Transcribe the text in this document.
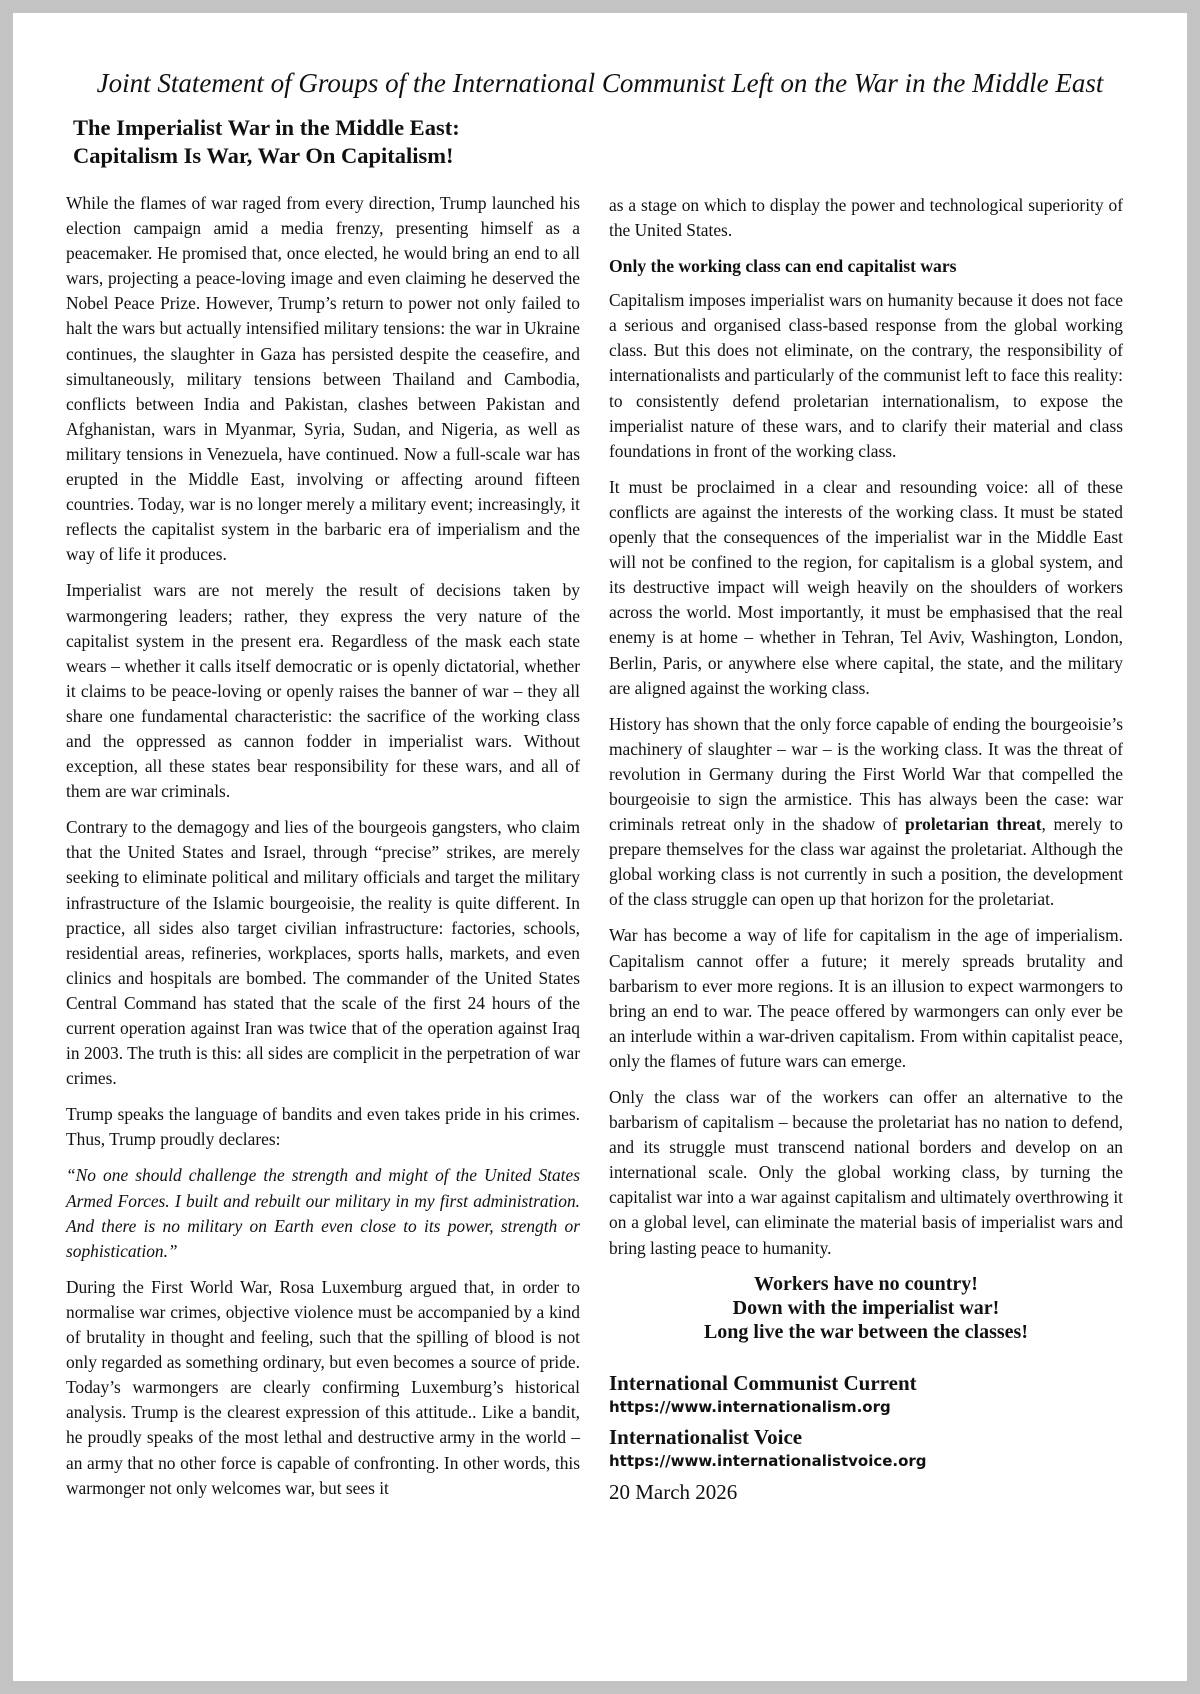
Joint Statement of Groups of the International Communist Left on the War in the Middle East
The Imperialist War in the Middle East:
Capitalism Is War, War On Capitalism!

While the flames of war raged from every direction, Trump launched his election campaign amid a media frenzy, presenting himself as a peacemaker. He promised that, once elected, he would bring an end to all wars, projecting a peace-loving image and even claiming he deserved the Nobel Peace Prize. However, Trump’s return to power not only failed to halt the wars but actually intensified military tensions: the war in Ukraine continues, the slaughter in Gaza has persisted despite the ceasefire, and simultaneously, military tensions between Thailand and Cambodia, conflicts between India and Pakistan, clashes between Pakistan and Afghanistan, wars in Myanmar, Syria, Sudan, and Nigeria, as well as military tensions in Venezuela, have continued. Now a full-scale war has erupted in the Middle East, involving or affecting around fifteen countries. Today, war is no longer merely a military event; increasingly, it reflects the capitalist system in the barbaric era of imperialism and the way of life it produces.

Imperialist wars are not merely the result of decisions taken by warmongering leaders; rather, they express the very nature of the capitalist system in the present era. Regardless of the mask each state wears – whether it calls itself democratic or is openly dictatorial, whether it claims to be peace-loving or openly raises the banner of war – they all share one fundamental characteristic: the sacrifice of the working class and the oppressed as cannon fodder in imperialist wars. Without exception, all these states bear responsibility for these wars, and all of them are war criminals.

Contrary to the demagogy and lies of the bourgeois gangsters, who claim that the United States and Israel, through “precise” strikes, are merely seeking to eliminate political and military officials and target the military infrastructure of the Islamic bourgeoisie, the reality is quite different. In practice, all sides also target civilian infrastructure: factories, schools, residential areas, refineries, workplaces, sports halls, markets, and even clinics and hospitals are bombed. The commander of the United States Central Command has stated that the scale of the first 24 hours of the current operation against Iran was twice that of the operation against Iraq in 2003. The truth is this: all sides are complicit in the perpetration of war crimes.

Trump speaks the language of bandits and even takes pride in his crimes. Thus, Trump proudly declares:

“No one should challenge the strength and might of the United States Armed Forces. I built and rebuilt our military in my first administration. And there is no military on Earth even close to its power, strength or sophistication.”

During the First World War, Rosa Luxemburg argued that, in order to normalise war crimes, objective violence must be accompanied by a kind of brutality in thought and feeling, such that the spilling of blood is not only regarded as something ordinary, but even becomes a source of pride. Today’s warmongers are clearly confirming Luxemburg’s historical analysis. Trump is the clearest expression of this attitude.. Like a bandit, he proudly speaks of the most lethal and destructive army in the world – an army that no other force is capable of confronting. In other words, this warmonger not only welcomes war, but sees it

as a stage on which to display the power and technological superiority of the United States.

Only the working class can end capitalist wars

Capitalism imposes imperialist wars on humanity because it does not face a serious and organised class-based response from the global working class. But this does not eliminate, on the contrary, the responsibility of internationalists and particularly of the communist left to face this reality: to consistently defend proletarian internationalism, to expose the imperialist nature of these wars, and to clarify their material and class foundations in front of the working class.

It must be proclaimed in a clear and resounding voice: all of these conflicts are against the interests of the working class. It must be stated openly that the consequences of the imperialist war in the Middle East will not be confined to the region, for capitalism is a global system, and its destructive impact will weigh heavily on the shoulders of workers across the world. Most importantly, it must be emphasised that the real enemy is at home – whether in Tehran, Tel Aviv, Washington, London, Berlin, Paris, or anywhere else where capital, the state, and the military are aligned against the working class.

History has shown that the only force capable of ending the bourgeoisie’s machinery of slaughter – war – is the working class. It was the threat of revolution in Germany during the First World War that compelled the bourgeoisie to sign the armistice. This has always been the case: war criminals retreat only in the shadow of proletarian threat, merely to prepare themselves for the class war against the proletariat. Although the global working class is not currently in such a position, the development of the class struggle can open up that horizon for the proletariat.

War has become a way of life for capitalism in the age of imperialism. Capitalism cannot offer a future; it merely spreads brutality and barbarism to ever more regions. It is an illusion to expect warmongers to bring an end to war. The peace offered by warmongers can only ever be an interlude within a war-driven capitalism. From within capitalist peace, only the flames of future wars can emerge.

Only the class war of the workers can offer an alternative to the barbarism of capitalism – because the proletariat has no nation to defend, and its struggle must transcend national borders and develop on an international scale. Only the global working class, by turning the capitalist war into a war against capitalism and ultimately overthrowing it on a global level, can eliminate the material basis of imperialist wars and bring lasting peace to humanity.

Workers have no country!
Down with the imperialist war!
Long live the war between the classes!
International Communist Current
https://www.internationalism.org
Internationalist Voice
https://www.internationalistvoice.org
20 March 2026
